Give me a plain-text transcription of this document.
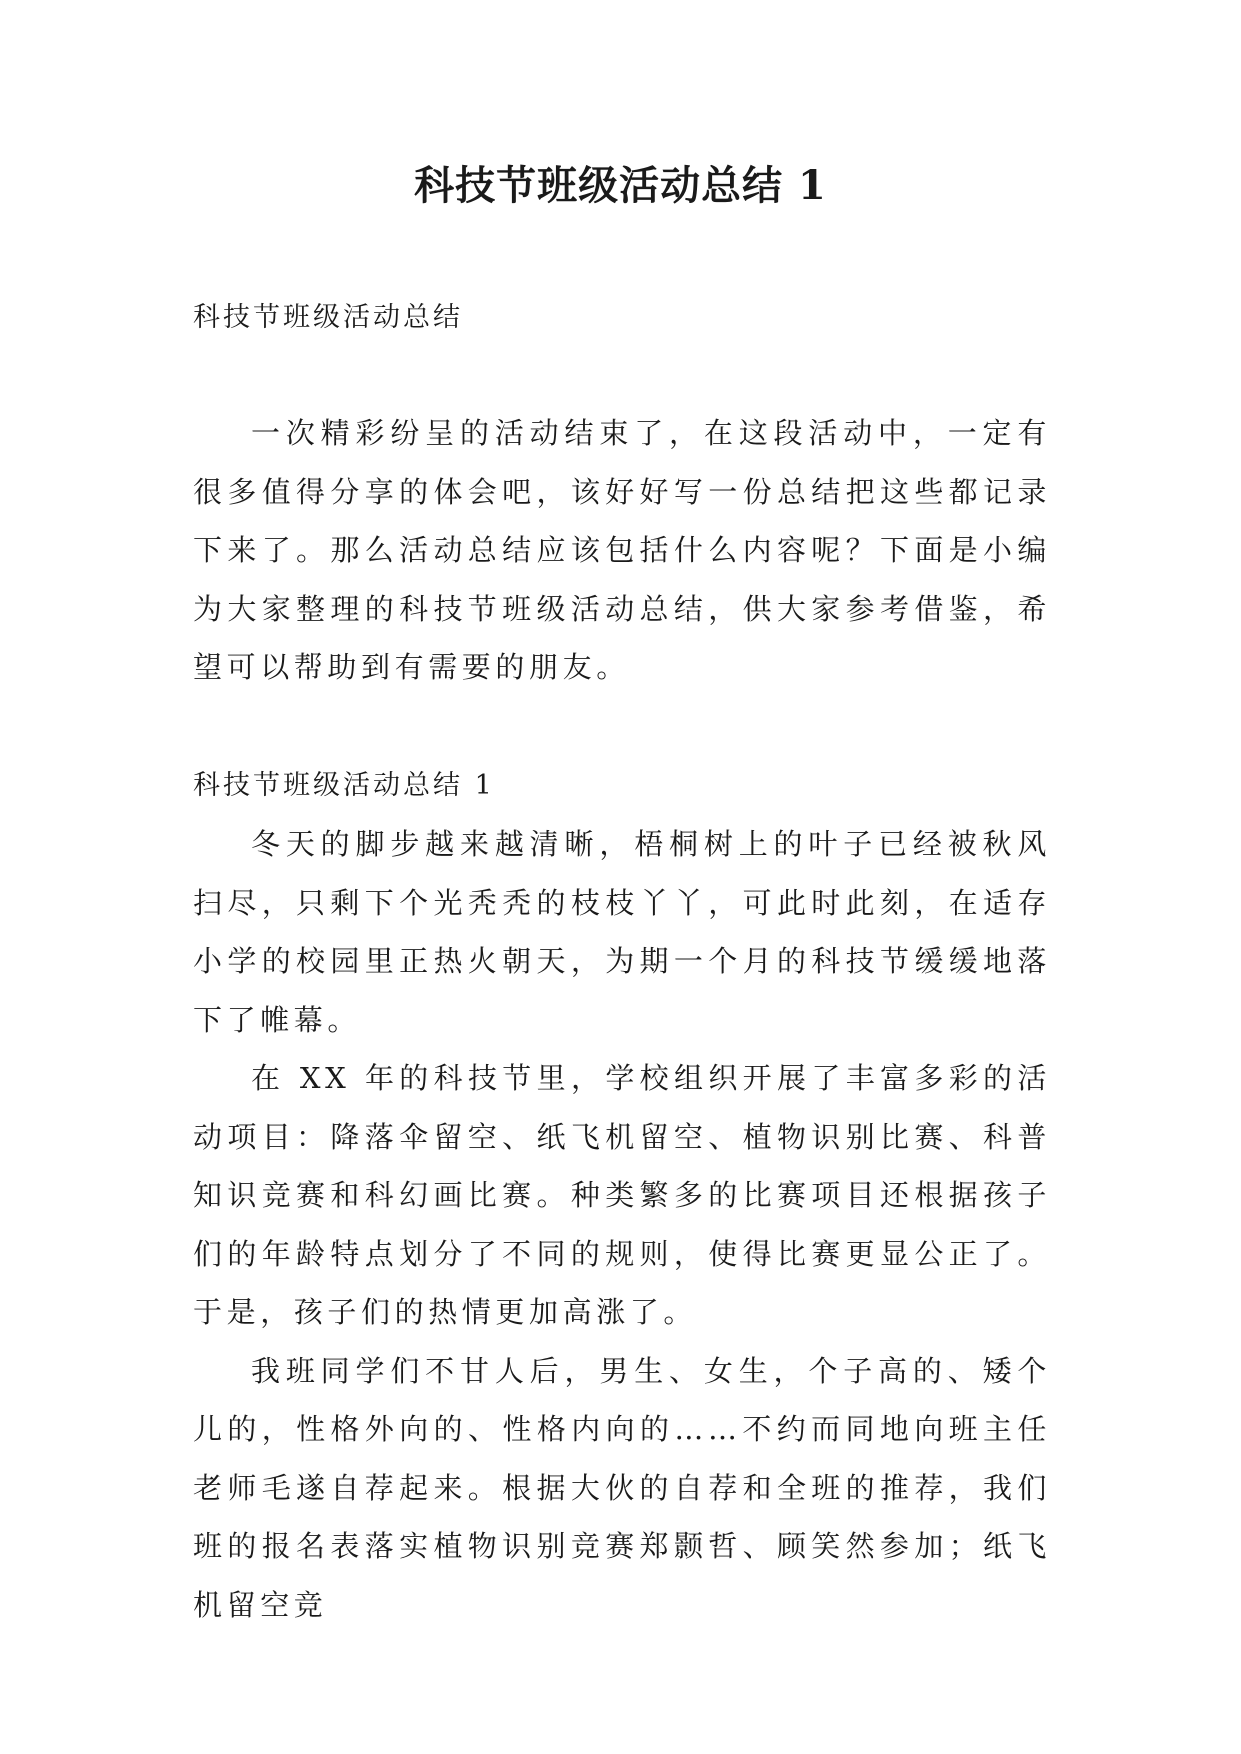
科技节班级活动总结 1

科技节班级活动总结

一次精彩纷呈的活动结束了，在这段活动中，一定有很多值得分享的体会吧，该好好写一份总结把这些都记录下来了。那么活动总结应该包括什么内容呢？下面是小编为大家整理的科技节班级活动总结，供大家参考借鉴，希望可以帮助到有需要的朋友。

科技节班级活动总结 1

冬天的脚步越来越清晰，梧桐树上的叶子已经被秋风扫尽，只剩下个光秃秃的枝枝丫丫，可此时此刻，在适存小学的校园里正热火朝天，为期一个月的科技节缓缓地落下了帷幕。

在 XX 年的科技节里，学校组织开展了丰富多彩的活动项目：降落伞留空、纸飞机留空、植物识别比赛、科普知识竞赛和科幻画比赛。种类繁多的比赛项目还根据孩子们的年龄特点划分了不同的规则，使得比赛更显公正了。于是，孩子们的热情更加高涨了。

我班同学们不甘人后，男生、女生，个子高的、矮个儿的，性格外向的、性格内向的……不约而同地向班主任老师毛遂自荐起来。根据大伙的自荐和全班的推荐，我们班的报名表落实植物识别竞赛郑颢哲、顾笑然参加；纸飞机留空竞
